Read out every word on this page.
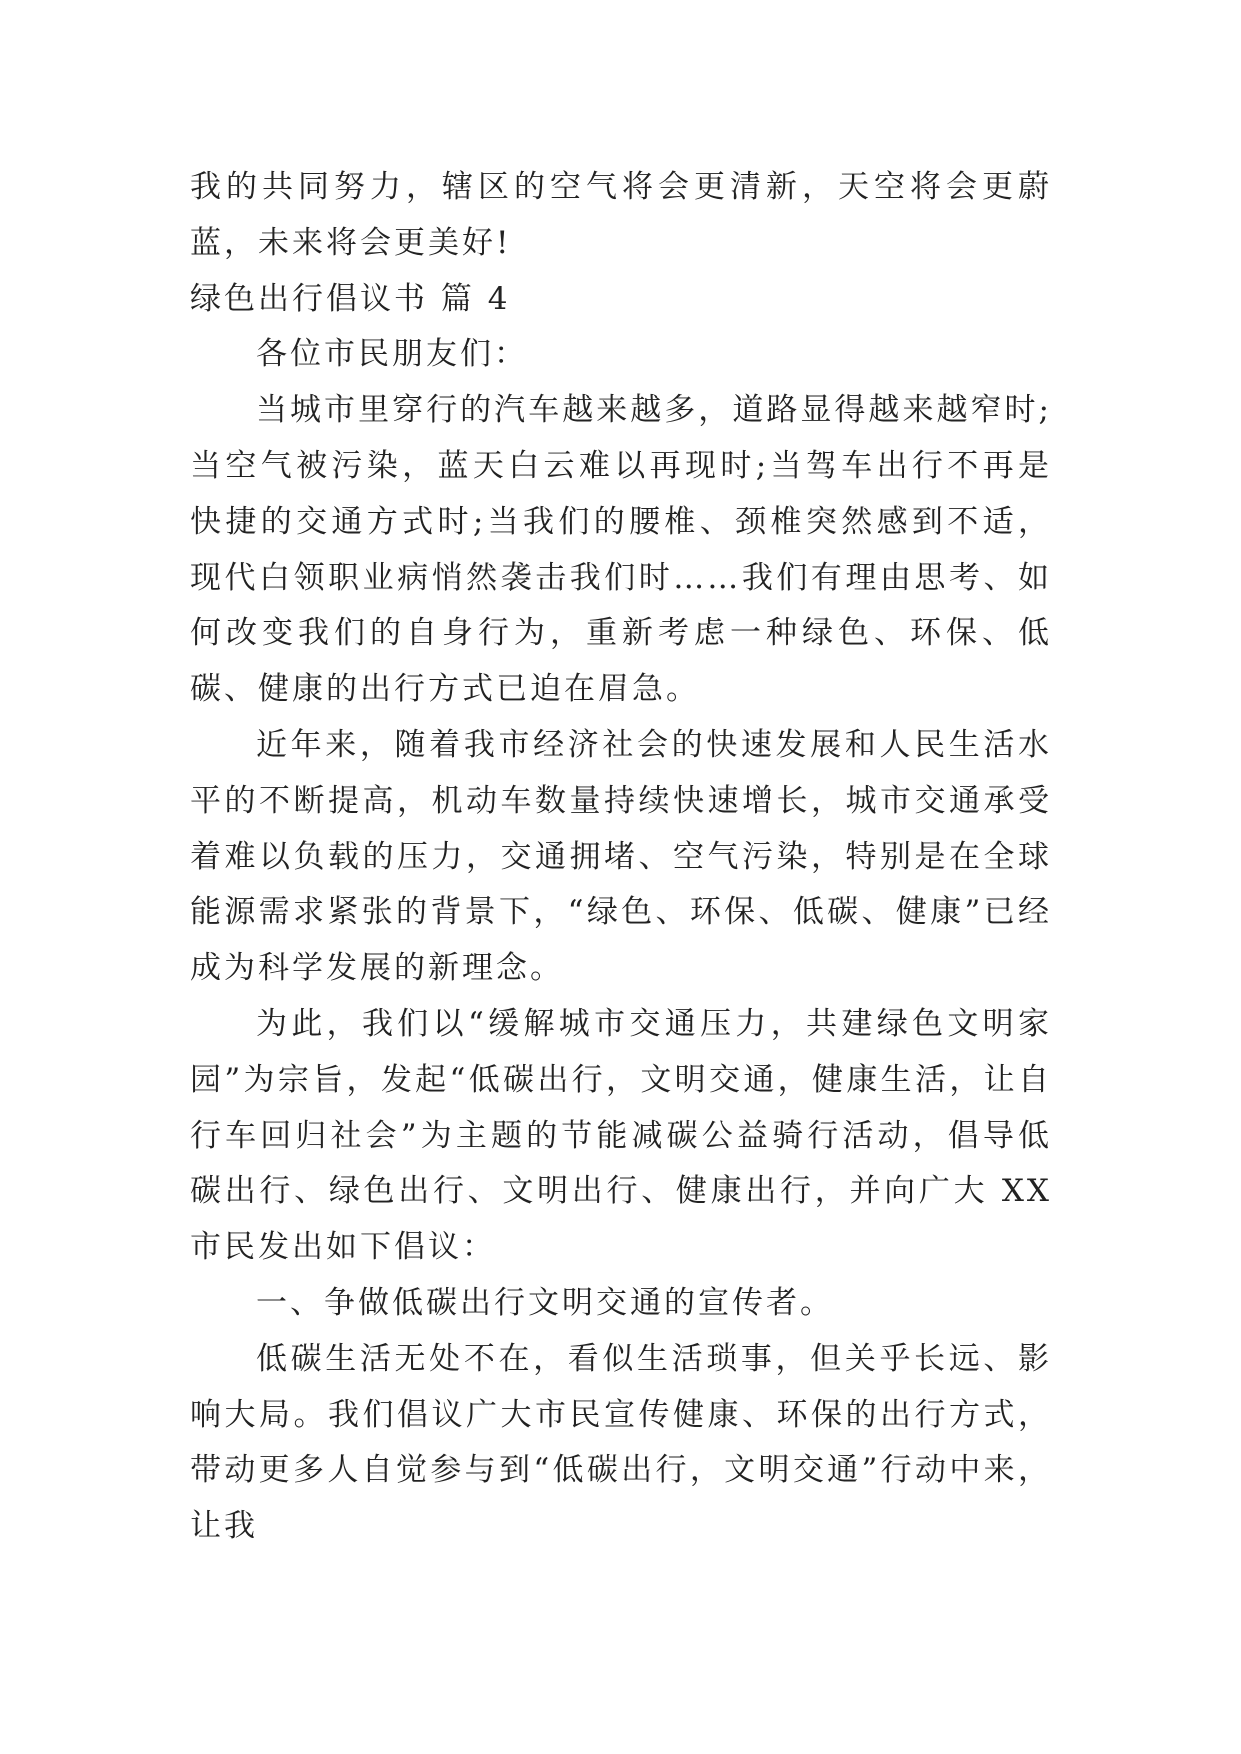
我的共同努力，辖区的空气将会更清新，天空将会更蔚蓝，未来将会更美好!

绿色出行倡议书 篇 4

各位市民朋友们：

当城市里穿行的汽车越来越多，道路显得越来越窄时;当空气被污染，蓝天白云难以再现时;当驾车出行不再是快捷的交通方式时;当我们的腰椎、颈椎突然感到不适，现代白领职业病悄然袭击我们时……我们有理由思考、如何改变我们的自身行为，重新考虑一种绿色、环保、低碳、健康的出行方式已迫在眉急。

近年来，随着我市经济社会的快速发展和人民生活水平的不断提高，机动车数量持续快速增长，城市交通承受着难以负载的压力，交通拥堵、空气污染，特别是在全球能源需求紧张的背景下，“绿色、环保、低碳、健康”已经成为科学发展的新理念。

为此，我们以“缓解城市交通压力，共建绿色文明家园”为宗旨，发起“低碳出行，文明交通，健康生活，让自行车回归社会”为主题的节能减碳公益骑行活动，倡导低碳出行、绿色出行、文明出行、健康出行，并向广大 XX 市民发出如下倡议：

一、争做低碳出行文明交通的宣传者。

低碳生活无处不在，看似生活琐事，但关乎长远、影响大局。我们倡议广大市民宣传健康、环保的出行方式，带动更多人自觉参与到“低碳出行，文明交通”行动中来，让我
